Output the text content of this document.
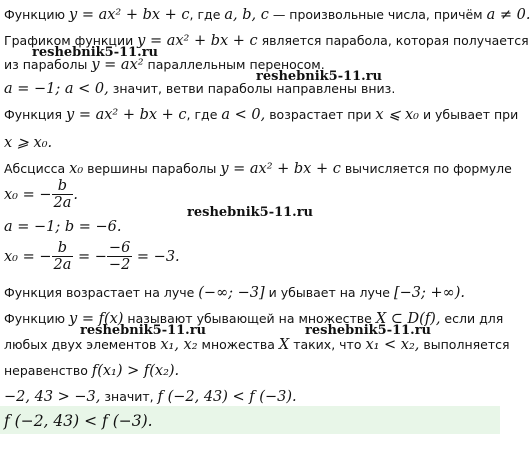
Функцию y = ax² + bx + c, где a, b, c — произвольные числа, причём a ≠ 0.
Графиком функции y = ax² + bx + c является парабола, которая получается
из параболы y = ax² параллельным переносом.
a = −1; a < 0, значит, ветви параболы направлены вниз.
Функция y = ax² + bx + c, где a < 0, возрастает при x ⩽ x₀ и убывает при
x ⩾ x₀.
Абсцисса x₀ вершины параболы y = ax² + bx + c вычисляется по формуле
x₀ = − $\frac{b}{2a}$ .
a = −1; b = −6.
x₀ = − $\frac{b}{2a}$ = − $\frac{-6}{-2} = -3$.
Функция возрастает на луче (−∞; −3] и убывает на луче [−3; +∞).
Функцию y = f(x) называют убывающей на множестве X ⊂ D(f), если для
любых двух элементов x₁, x₂ множества X таких, что x₁ < x₂, выполняется
неравенство f(x₁) > f(x₂).
−2, 43 > −3, значит, f (−2, 43) < f (−3).
f (−2, 43) < f (−3).
reshebnik5-11.ru
reshebnik5-11.ru
reshebnik5-11.ru
reshebnik5-11.ru	reshebnik5-11.ru
